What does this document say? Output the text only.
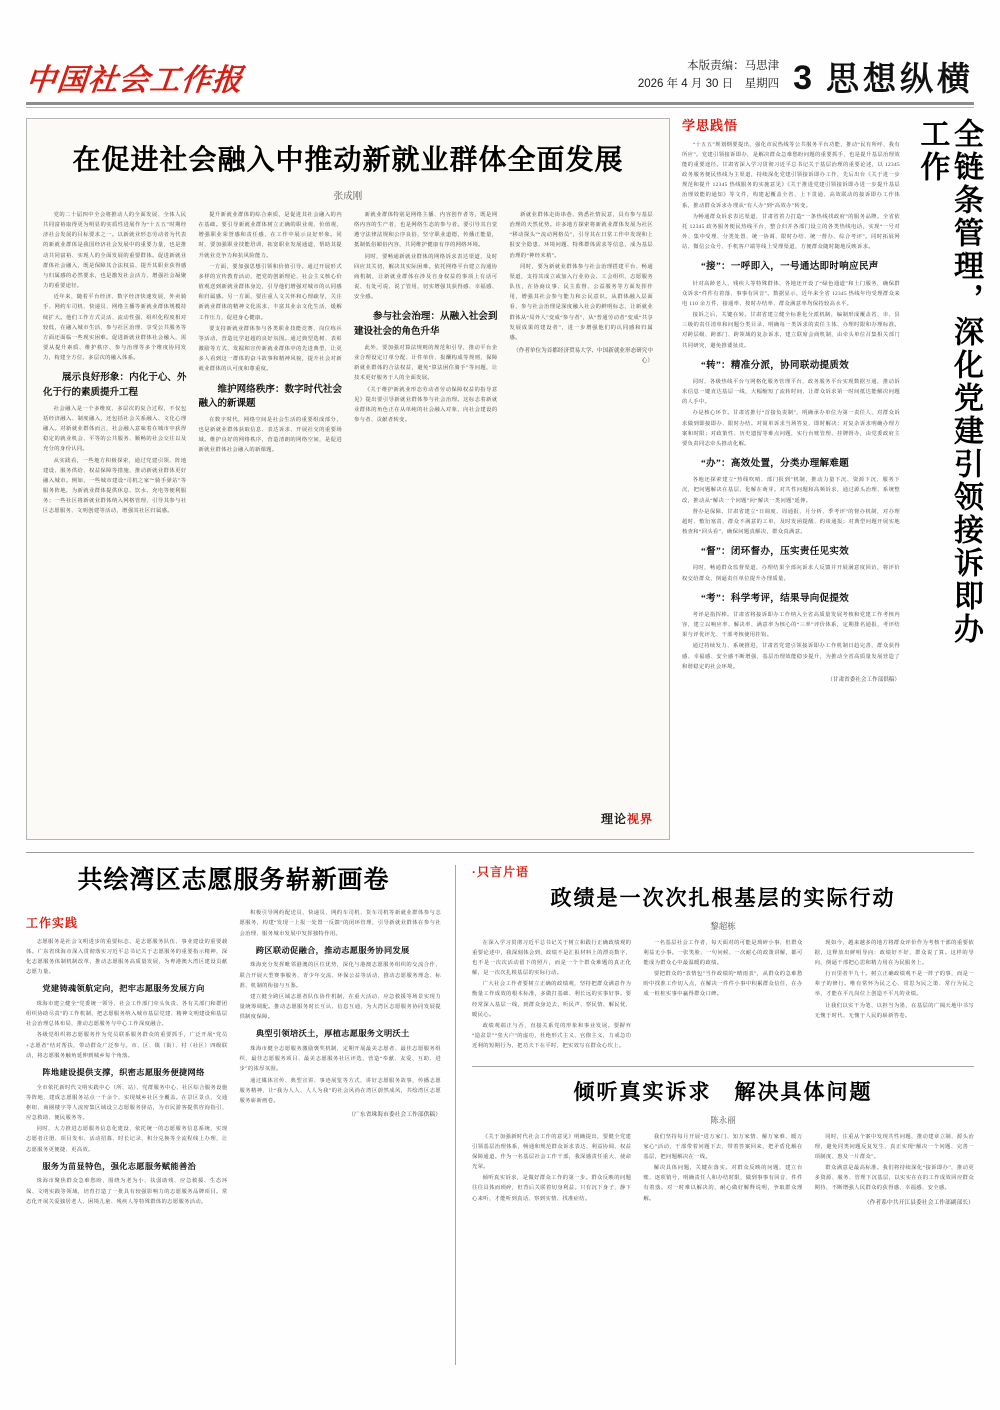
中国社会工作报	本版责编：马思津
2026 年 4 月 30 日　星期四 3 思想纵横
在促进社会融入中推动新就业群体全面发展
张成刚

党的二十届四中全会将推动人的全面发展、全体人民共同富裕取得更为明显的实质性进展作为“十五五”时期经济社会发展的目标要求之一。以新就业形态劳动者为代表的新就业群体是我国经济社会发展中的重要力量，也是推动共同富裕、实现人的全面发展的重要群体。促进新就业群体社会融入，既是保障其合法权益、提升其职业获得感与归属感的必然要求，也是激发社会活力、增强社会凝聚力的重要途径。

近年来，随着平台经济、数字经济快速发展，外卖骑手、网约车司机、快递员、网络主播等新就业群体规模持续扩大。他们工作方式灵活、流动性强、组织化程度相对较低，在融入城市生活、参与社区治理、享受公共服务等方面还面临一些现实困难。促进新就业群体社会融入，需要从提升素质、维护秩序、参与治理等多个维度协同发力，构建全方位、多层次的融入体系。

展示良好形象：内化于心、外化于行的素质提升工程

社会融入是一个多维度、多层次的复合过程，不仅包括经济融入、制度融入，还包括社会关系融入、文化心理融入。对新就业群体而言，社会融入意味着在城市中获得稳定的就业机会、平等的公共服务、顺畅的社会交往以及充分的身份认同。

从实践看，一些地方积极探索，通过党建引领、阵地建设、服务供给、权益保障等措施，推动新就业群体更好融入城市。例如，一些城市建设“司机之家”“骑手驿站”等服务阵地，为新就业群体提供休息、饮水、充电等便利服务；一些社区将新就业群体纳入网格管理，引导其参与社区志愿服务、文明创建等活动，增强其社区归属感。

提升新就业群体的综合素质，是促进其社会融入的内在基础。要引导新就业群体树立正确的职业观、价值观，增强职业荣誉感和责任感，在工作中展示良好形象。同时，要加强职业技能培训，拓宽职业发展通道，帮助其提升就业竞争力和抗风险能力。

一方面，要加强思想引领和价值引导。通过开展形式多样的宣传教育活动，把党的创新理论、社会主义核心价值观送到新就业群体身边，引导他们增强对城市的认同感和归属感。另一方面，要注重人文关怀和心理疏导，关注新就业群体的精神文化需求，丰富其业余文化生活，缓解工作压力，促进身心健康。

要支持新就业群体参与各类职业技能竞赛、岗位练兵等活动，营造比学赶超的良好氛围。通过典型选树、表彰激励等方式，发掘和宣传新就业群体中的先进典型，让更多人看到这一群体的奋斗故事和精神风貌，提升社会对新就业群体的认可度和尊重度。

维护网络秩序：数字时代社会融入的新课题

在数字时代，网络空间是社会生活的重要组成部分，也是新就业群体获取信息、表达诉求、开展社交的重要场域。维护良好的网络秩序，营造清朗的网络空间，是促进新就业群体社会融入的新课题。

新就业群体特别是网络主播、内容创作者等，既是网络内容的生产者，也是网络生态的参与者。要引导其自觉遵守法律法规和公序良俗，坚守职业道德，传播正能量，抵制低俗媚俗内容，共同维护健康有序的网络环境。

同时，要畅通新就业群体的网络诉求表达渠道，及时回应其关切，解决其实际困难。依托网络平台建立沟通协商机制，让新就业群体在涉及自身权益的事项上有话可说、有处可说、说了管用，切实增强其获得感、幸福感、安全感。

参与社会治理：从融入社会到建设社会的角色升华

此外，要加强对算法规则的规范和引导，推动平台企业合理设定订单分配、计件单价、报酬构成等规则，保障新就业群体的合法权益，避免“算法困住骑手”等问题，让技术更好服务于人的全面发展。

《关于维护新就业形态劳动者劳动保障权益的指导意见》提出要引导新就业群体参与社会治理。这标志着新就业群体的角色正在从单纯的社会融入对象，向社会建设的参与者、贡献者转变。

新就业群体走街串巷、熟悉社情民意，具有参与基层治理的天然优势。许多地方探索将新就业群体发展为社区“移动探头”“流动网格员”，引导其在日常工作中发现和上报安全隐患、环境问题、特殊群体需求等信息，成为基层治理的“神经末梢”。

同时，要为新就业群体参与社会治理搭建平台、畅通渠道，支持其成立或加入行业协会、工会组织、志愿服务队伍，在协商议事、民主监督、公益服务等方面发挥作用，增强其社会参与能力和公民意识。从群体融入层面看，参与社会治理是深度融入社会的鲜明标志，让新就业群体从“局外人”变成“参与者”，从“普通劳动者”变成“共享发展成果的建设者”，进一步增强他们的认同感和归属感。

（作者单位为首都经济贸易大学、中国新就业形态研究中心）
理论视界
学思践悟

“十五五”规划纲要提出，强化市民热线等公共服务平台功能，推动“民有所呼、我有所应”。党建引领接诉即办，是解决群众急难愁盼问题的重要抓手，也是提升基层治理效能的重要途径。甘肃省深入学习贯彻习近平总书记关于基层治理的重要论述，以 12345 政务服务便民热线为主渠道，持续深化党建引领接诉即办工作，先后出台《关于进一步规范和提升 12345 热线服务的实施意见》《关于推进党建引领接诉即办进一步提升基层治理效能的通知》等文件，构建起覆盖全省、上下贯通、高效联动的接诉即办工作体系，推动群众诉求办理从“有人办”到“高效办”转变。

为畅通群众诉求表达渠道，甘肃省着力打造“一条热线找政府”的服务品牌。全省依托 12345 政务服务便民热线平台，整合归并各部门设立的各类热线电话，实现“一号对外、集中受理、分类处置、统一协调、限时办结、统一督办、综合考评”。同时拓展网站、微信公众号、手机客户端等线上受理渠道，方便群众随时随地反映诉求。

“接”：一呼即入，一号通达即时响应民声

针对高龄老人、残疾人等特殊群体，各地还开设了“绿色通道”和上门服务，确保群众诉求“件件有着落、事事有回音”。数据显示，近年来全省 12345 热线年均受理群众来电 110 余万件，接通率、按时办结率、群众满意率均保持较高水平。

接诉之后，关键在转。甘肃省建立健全标准化分派机制，编制形成覆盖省、市、县三级的责任清单和问题分类目录，明确每一类诉求的责任主体、办理时限和办理标准。对跨层级、跨部门、跨领域的复杂诉求，建立联席会商机制，由牵头单位召集相关部门共同研究，避免推诿扯皮。

“转”：精准分派，协同联动提质效

同时，各级热线平台与网格化服务管理平台、政务服务平台实现数据互通，推动诉求信息一键直达基层一线，大幅缩短了流转时间，让群众诉求第一时间抵达能解决问题的人手中。

办是核心环节。甘肃省推行“首接负责制”，明确承办单位为第一责任人，对群众诉求做到即接即办、限时办结。对简单诉求当场答复、即时解决；对复杂诉求明确办理方案和时限；对政策性、历史遗留等难点问题，实行台账管理、挂牌督办，由党委政府主要负责同志牵头推动化解。

“办”：高效处置，分类办理解难题

各地还探索建立“热线吹哨、部门报到”机制，推动力量下沉、资源下沉、服务下沉，把问题解决在基层、化解在萌芽。对共性问题和高频诉求，通过源头治理、系统整改，推动从“解决一个问题”向“解决一类问题”延伸。

督办是保障。甘肃省建立“日调度、周通报、月分析、季考评”的督办机制，对办理超时、敷衍塞责、群众不满意的工单，及时发函提醒、约谈通报；对典型问题开展实地核查和“回头看”，确保问题真解决、群众真满意。

“督”：闭环督办，压实责任见实效

同时，畅通群众监督渠道，办理结果全部向诉求人反馈并开展满意度回访，将评价权交给群众，倒逼责任单位提升办理质量。

“考”：科学考评，结果导向促提效

考评是指挥棒。甘肃省将接诉即办工作纳入全省高质量发展考核和党建工作考核内容，建立以响应率、解决率、满意率为核心的“三率”评价体系，定期排名通报，考评结果与评优评先、干部考核使用挂钩。

通过持续发力、系统推进，甘肃省党建引领接诉即办工作机制日趋完善，群众获得感、幸福感、安全感不断增强，基层治理效能稳步提升，为推动全省高质量发展营造了和谐稳定的社会环境。

（甘肃省委社会工作部供稿）
全链条管理，深化党建引领接诉即办工作
共绘湾区志愿服务崭新画卷
工作实践

志愿服务是社会文明进步的重要标志，是志愿服务队伍、事业建设的重要载体。广东省珠海市深入贯彻落实习近平总书记关于志愿服务的重要指示精神，深化志愿服务体制机制改革，推动志愿服务高质量发展，为粤港澳大湾区建设贡献志愿力量。

党建铸魂领航定向，把牢志愿服务发展方向

珠海市建立健全“党委统一领导、社会工作部门牵头负责、各有关部门和群团组织协助尽责”的工作机制，把志愿服务纳入城市基层党建、精神文明建设和基层社会治理总体布局，推动志愿服务与中心工作深度融合。

各级党组织将志愿服务作为党员联系服务群众的重要抓手，广泛开展“党员+志愿者”结对帮扶，带动群众广泛参与。市、区、镇（街）、村（社区）四级联动，将志愿服务触角延伸到城乡每个角落。

阵地建设提供支撑，织密志愿服务便捷网络

全市依托新时代文明实践中心（所、站）、党群服务中心、社区综合服务设施等阵地，建成志愿服务站点一千余个，实现城乡社区全覆盖。在景区景点、交通枢纽、商圈楼宇等人流密集区域设立志愿服务驿站，为市民游客提供咨询指引、应急救助、便民服务等。

同时，大力推进志愿服务信息化建设，依托统一的志愿服务信息系统，实现志愿者注册、项目发布、活动招募、时长记录、积分兑换等全流程线上办理，让志愿服务更便捷、更高效。

服务为苗显特色，强化志愿服务赋能善治

珠海市聚焦群众急难愁盼，围绕为老为小、扶弱助残、应急救援、生态环保、文明实践等领域，培育打造了一批具有较强影响力的志愿服务品牌项目。常态化开展关爱独居老人、困境儿童、残疾人等特殊群体的志愿服务活动。

积极引导网约配送员、快递员、网约车司机、货车司机等新就业群体参与志愿服务，构建“发现一上报一处置一反馈”的闭环管理，引导新就业群体在参与社会治理、服务城市发展中发挥独特作用。

跨区联动促融合，推动志愿服务协同发展

珠海充分发挥毗邻港澳的区位优势，深化与港澳志愿服务组织的交流合作，联合开展大型赛事服务、青少年交流、环保公益等活动，推动志愿服务理念、标准、机制的衔接与互鉴。

建立健全跨区域志愿者队伍协作机制，在重大活动、应急救援等场景实现力量统筹调配。推动志愿服务时长互认、信息互通，为大湾区志愿服务协同发展提供制度保障。

典型引领培沃土，厚植志愿服务文明沃土

珠海市健全志愿服务激励褒奖机制，定期开展最美志愿者、最佳志愿服务组织、最佳志愿服务项目、最美志愿服务社区评选，营造“奉献、友爱、互助、进步”的浓厚氛围。

通过媒体宣传、典型宣讲、事迹展览等方式，讲好志愿服务故事，传播志愿服务精神，让“我为人人、人人为我”的社会风尚在湾区蔚然成风，共绘湾区志愿服务崭新画卷。

（广东省珠海市委社会工作部供稿）
·只言片语
政绩是一次次扎根基层的实际行动
黎超栋

在深入学习贯彻习近平总书记关于树立和践行正确政绩观的重要论述中，我深刻体会到，政绩不是汇报材料上的漂亮数字，也不是一次次活动留下的照片，而是一个个群众难题的真正化解，是一次次扎根基层的实际行动。

广大社会工作者要树立正确的政绩观，坚持把群众满意作为衡量工作成效的根本标准，多做打基础、利长远的实事好事。要经常深入基层一线，到群众身边去，听民声、察民情、解民忧、暖民心。

政绩观端正与否，直接关系党的形象和事业发展。要摒弃“造盆景”“垒大户”的虚功，杜绝形式主义、官僚主义，力戒急功近利的短期行为，把功夫下在平时，把实效写在群众心坎上。

一名基层社会工作者，每天面对的可能是琐碎小事，但群众利益无小事。一张笑脸、一句问候、一次耐心的政策讲解，都可能成为群众心中最温暖的政绩。

要把群众的“表情包”当作政绩的“晴雨表”，从群众的急难愁盼中找准工作切入点，在解决一件件小事中积累群众信任，在办成一桩桩实事中赢得群众口碑。

现如今，越来越多的地方将群众评价作为考核干部的重要依据，这释放出鲜明导向：政绩好不好，群众说了算。这样的导向，倒逼干部把心思和精力用在为民服务上。

行百里者半九十。树立正确政绩观不是一阵子的事，而是一辈子的修行。唯有常怀为民之心、常思为民之策、常行为民之举，才能在平凡岗位上创造不平凡的业绩。

让我们以实干为笔、以担当为墨，在基层的广阔天地中书写无愧于时代、无愧于人民的崭新答卷。

倾听真实诉求　解决具体问题
陈永丽

《关于加强新时代社会工作的意见》明确提出，要健全党建引领基层治理体系，畅通和规范群众诉求表达、利益协调、权益保障通道。作为一名基层社会工作干部，我深感责任重大、使命光荣。

倾听真实诉求，是做好群众工作的第一步。群众反映的问题往往具体而琐碎，但背后关联着切身利益。只有沉下身子、静下心来听，才能听到真话、察到实情、找准症结。

我们坚持每月开展“进万家门、知万家情、解万家难、暖万家心”活动，干部带着问题下去、带着答案回来，把矛盾化解在基层，把问题解决在一线。

解决具体问题，关键在落实。对群众反映的问题，建立台账、逐项销号，明确责任人和办结时限，做到事事有回音、件件有着落。对一时难以解决的，耐心做好解释说明，争取群众理解。

同时，注重从个案中发现共性问题，推动建章立制、源头治理，避免同类问题反复发生，真正实现“解决一个问题、完善一项制度、惠及一片群众”。

群众满意是最高标准。我们将持续深化“接诉即办”，推动更多资源、服务、管理下沉基层，以实实在在的工作成效回应群众期待，不断增强人民群众的获得感、幸福感、安全感。

（作者系中共开江县委社会工作部副部长）
